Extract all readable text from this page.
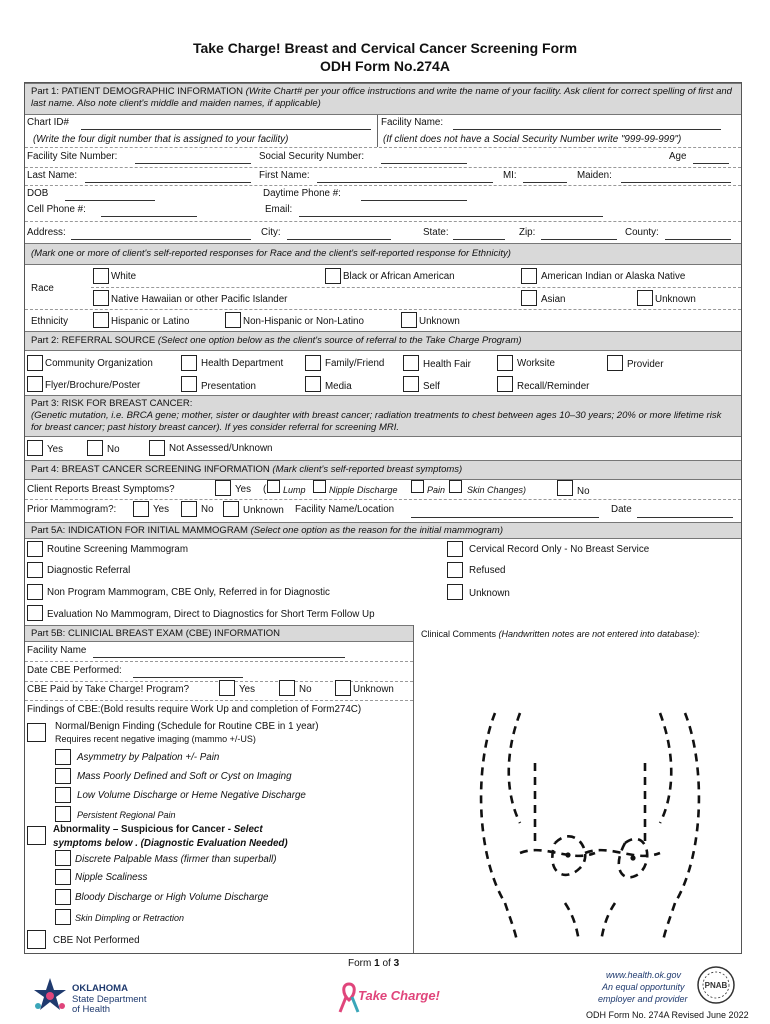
Take Charge! Breast and Cervical Cancer Screening Form
ODH Form No.274A
Part 1: PATIENT DEMOGRAPHIC INFORMATION (Write Chart# per your office instructions and write the name of your facility. Ask client for correct spelling of first and last name. Also note client's middle and maiden names, if applicable)
Chart ID#	Facility Name:
(Write the four digit number that is assigned to your facility)	(If client does not have a Social Security Number write "999-99-999")
Facility Site Number:	Social Security Number:	Age
Last Name:	First Name:	MI:	Maiden:
DOB	Daytime Phone #:
Cell Phone #:	Email:
Address:	City:	State:	Zip:	County:
(Mark one or more of client's self-reported responses for Race and the client's self-reported response for Ethnicity)
Race
White	Black or African American	American Indian or Alaska Native
Native Hawaiian or other Pacific Islander	Asian	Unknown
Ethnicity	Hispanic or Latino	Non-Hispanic or Non-Latino	Unknown
Part 2: REFERRAL SOURCE (Select one option below as the client's source of referral to the Take Charge Program)
Community Organization	Health Department	Family/Friend	Health Fair	Worksite	Provider
Flyer/Brochure/Poster	Presentation	Media	Self	Recall/Reminder
Part 3: RISK FOR BREAST CANCER:
(Genetic mutation, i.e. BRCA gene; mother, sister or daughter with breast cancer; radiation treatments to chest between ages 10–30 years; 20% or more lifetime risk for breast cancer; past history breast cancer). If yes consider referral for screening MRI.
Yes	No	Not Assessed/Unknown
Part 4: BREAST CANCER SCREENING INFORMATION (Mark client's self-reported breast symptoms)
Client Reports Breast Symptoms?	Yes ( Lump	Nipple Discharge	Pain Skin Changes)	No
Prior Mammogram?:	Yes	No	Unknown Facility Name/Location	Date
Part 5A: INDICATION FOR INITIAL MAMMOGRAM (Select one option as the reason for the initial mammogram)
Routine Screening Mammogram	Cervical Record Only - No Breast Service
Diagnostic Referral	Refused
Non Program Mammogram, CBE Only, Referred in for Diagnostic	Unknown
Evaluation No Mammogram, Direct to Diagnostics for Short Term Follow Up
Part 5B: CLINICIAL BREAST EXAM (CBE) INFORMATION	Clinical Comments (Handwritten notes are not entered into database):
Facility Name
Date CBE Performed:
CBE Paid by Take Charge! Program?	Yes	No	Unknown
Findings of CBE:(Bold results require Work Up and completion of Form274C)
Normal/Benign Finding (Schedule for Routine CBE in 1 year)
Requires recent negative imaging (mammo +/-US)
Asymmetry by Palpation +/- Pain
Mass Poorly Defined and Soft or Cyst on Imaging
Low Volume Discharge or Heme Negative Discharge
Persistent Regional Pain
Abnormality – Suspicious for Cancer - Select
symptoms below . (Diagnostic Evaluation Needed)
Discrete Palpable Mass (firmer than superball)
Nipple Scaliness
Bloody Discharge or High Volume Discharge
Skin Dimpling or Retraction
CBE Not Performed
Form 1 of 3
OKLAHOMA
State Department
of Health
Take Charge!
www.health.ok.gov
An equal opportunity
employer and provider
PNAB
ODH Form No. 274A Revised June 2022
